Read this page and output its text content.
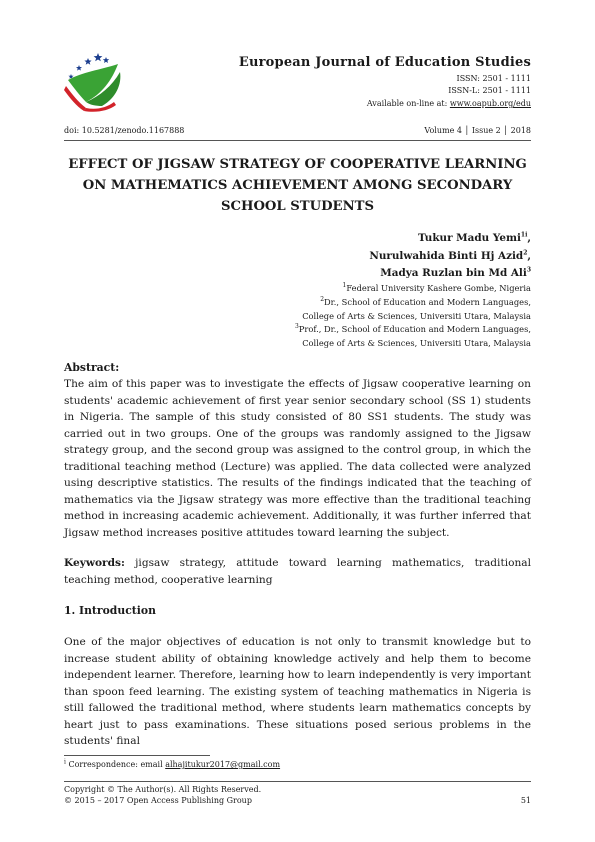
European Journal of Education Studies
ISSN: 2501 - 1111
ISSN-L: 2501 - 1111
Available on-line at: www.oapub.org/edu
doi: 10.5281/zenodo.1167888	Volume 4 │ Issue 2 │ 2018
EFFECT OF JIGSAW STRATEGY OF COOPERATIVE LEARNING
ON MATHEMATICS ACHIEVEMENT AMONG SECONDARY
SCHOOL STUDENTS
Tukur Madu Yemi$^{1i}$,
Nurulwahida Binti Hj Azid$^2$,
Madya Ruzlan bin Md Ali$^3$
$^1$Federal University Kashere Gombe, Nigeria
$^2$Dr., School of Education and Modern Languages,
College of Arts & Sciences, Universiti Utara, Malaysia
$^3$Prof., Dr., School of Education and Modern Languages,
College of Arts & Sciences, Universiti Utara, Malaysia
Abstract:
The aim of this paper was to investigate the effects of Jigsaw cooperative learning on students' academic achievement of first year senior secondary school (SS 1) students in Nigeria. The sample of this study consisted of 80 SS1 students. The study was carried out in two groups. One of the groups was randomly assigned to the Jigsaw strategy group, and the second group was assigned to the control group, in which the traditional teaching method (Lecture) was applied. The data collected were analyzed using descriptive statistics. The results of the findings indicated that the teaching of mathematics via the Jigsaw strategy was more effective than the traditional teaching method in increasing academic achievement. Additionally, it was further inferred that Jigsaw method increases positive attitudes toward learning the subject.
Keywords: jigsaw strategy, attitude toward learning mathematics, traditional teaching method, cooperative learning
1. Introduction
One of the major objectives of education is not only to transmit knowledge but to increase student ability of obtaining knowledge actively and help them to become independent learner. Therefore, learning how to learn independently is very important than spoon feed learning. The existing system of teaching mathematics in Nigeria is still fallowed the traditional method, where students learn mathematics concepts by heart just to pass examinations. These situations posed serious problems in the students' final
$^i$ Correspondence: email alhajitukur2017@gmail.com
Copyright © The Author(s). All Rights Reserved.
© 2015 – 2017 Open Access Publishing Group	51
